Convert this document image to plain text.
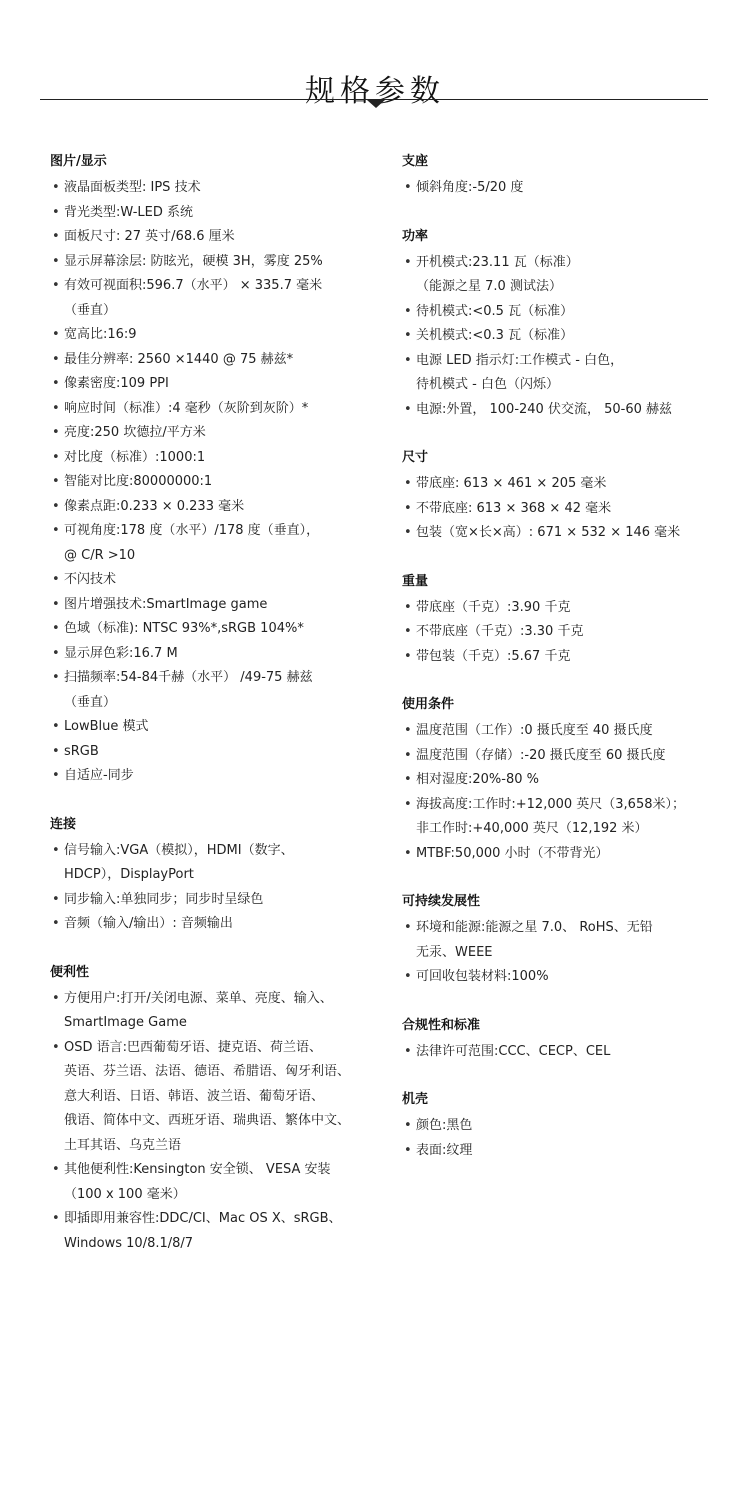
规格参数
图片/显示
• 液晶面板类型: IPS 技术
• 背光类型:W-LED 系统
• 面板尺寸: 27 英寸/68.6 厘米
• 显示屏幕涂层: 防眩光，硬模 3H，雾度 25%
• 有效可视面积:596.7（水平） × 335.7 毫米
（垂直）
• 宽高比:16:9
• 最佳分辨率: 2560 ×1440 @ 75 赫兹*
• 像素密度:109 PPI
• 响应时间（标准）:4 毫秒（灰阶到灰阶）*
• 亮度:250 坎德拉/平方米
• 对比度（标准）:1000:1
• 智能对比度:80000000:1
• 像素点距:0.233 × 0.233 毫米
• 可视角度:178 度（水平）/178 度（垂直），
@ C/R >10
• 不闪技术
• 图片增强技术:SmartImage game
• 色域（标准): NTSC 93%*,sRGB 104%*
• 显示屏色彩:16.7 M
• 扫描频率:54-84千赫（水平） /49-75 赫兹
（垂直）
• LowBlue 模式
• sRGB
• 自适应-同步
连接
• 信号输入:VGA（模拟），HDMI（数字、
HDCP），DisplayPort
• 同步输入:单独同步；同步时呈绿色
• 音频（输入/输出）: 音频输出
便利性
• 方便用户:打开/关闭电源、菜单、亮度、输入、
SmartImage Game
• OSD 语言:巴西葡萄牙语、捷克语、荷兰语、
英语、芬兰语、法语、德语、希腊语、匈牙利语、
意大利语、日语、韩语、波兰语、葡萄牙语、
俄语、简体中文、西班牙语、瑞典语、繁体中文、
土耳其语、乌克兰语
• 其他便利性:Kensington 安全锁、 VESA 安装
（100 x 100 毫米）
• 即插即用兼容性:DDC/CI、Mac OS X、sRGB、
Windows 10/8.1/8/7
支座
• 倾斜角度:-5/20 度
功率
• 开机模式:23.11 瓦（标准）
（能源之星 7.0 测试法）
• 待机模式:<0.5 瓦（标准）
• 关机模式:<0.3 瓦（标准）
• 电源 LED 指示灯:工作模式 - 白色，
待机模式 - 白色（闪烁）
• 电源:外置， 100-240 伏交流， 50-60 赫兹
尺寸
• 带底座: 613 × 461 × 205 毫米
• 不带底座: 613 × 368 × 42 毫米
• 包装（宽×长×高）: 671 × 532 × 146 毫米
重量
• 带底座（千克）:3.90 千克
• 不带底座（千克）:3.30 千克
• 带包装（千克）:5.67 千克
使用条件
• 温度范围（工作）:0 摄氏度至 40 摄氏度
• 温度范围（存储）:-20 摄氏度至 60 摄氏度
• 相对湿度:20%-80 %
• 海拔高度:工作时:+12,000 英尺（3,658米）；
非工作时:+40,000 英尺（12,192 米）
• MTBF:50,000 小时（不带背光）
可持续发展性
• 环境和能源:能源之星 7.0、 RoHS、无铅
无汞、WEEE
• 可回收包装材料:100%
合规性和标准
• 法律许可范围:CCC、CECP、CEL
机壳
• 颜色:黑色
• 表面:纹理
